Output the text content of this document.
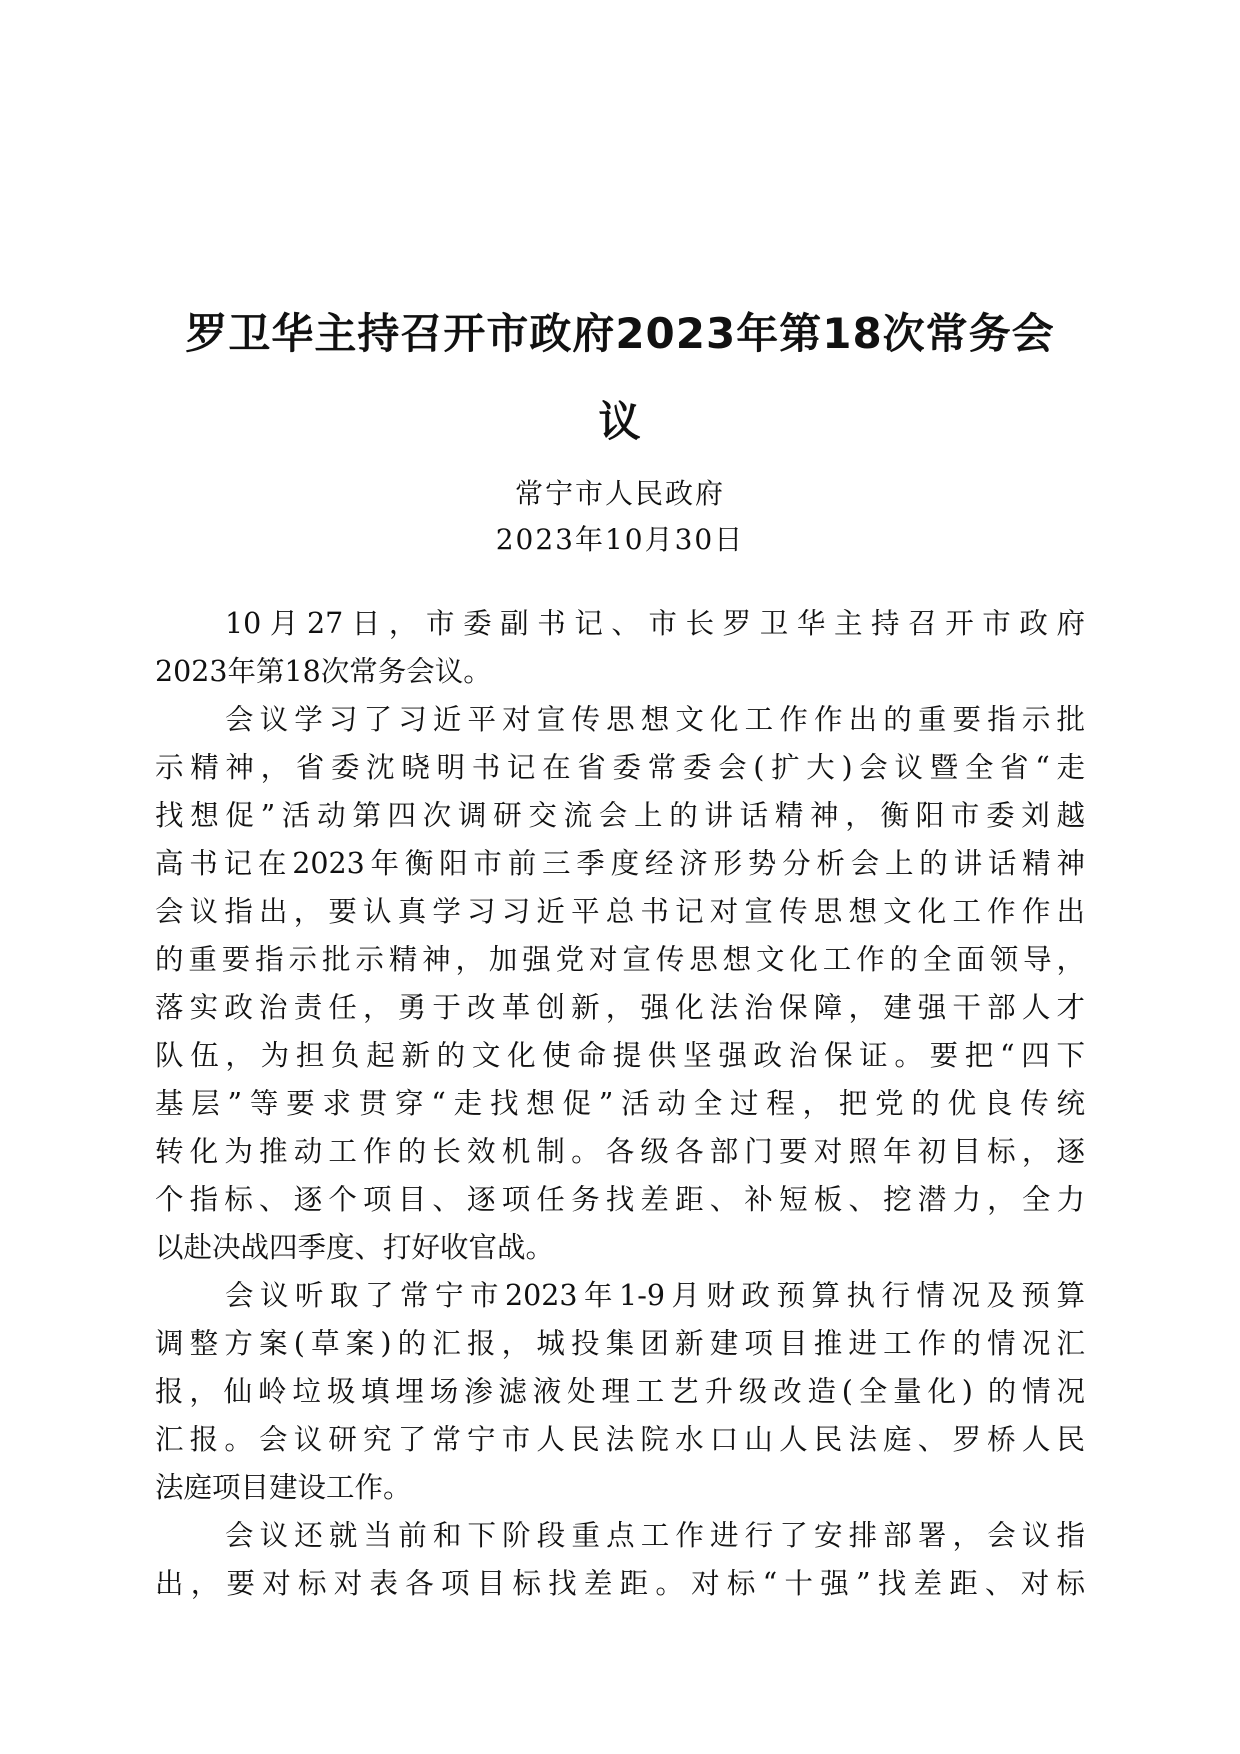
罗卫华主持召开市政府2023年第18次常务会
议
常宁市人民政府
2023年10月30日
10月27日，市委副书记、市长罗卫华主持召开市政府
2023年第18次常务会议。
会议学习了习近平对宣传思想文化工作作出的重要指示批
示精神，省委沈晓明书记在省委常委会(扩大)会议暨全省“走
找想促”活动第四次调研交流会上的讲话精神，衡阳市委刘越
高书记在2023年衡阳市前三季度经济形势分析会上的讲话精神
会议指出，要认真学习习近平总书记对宣传思想文化工作作出
的重要指示批示精神，加强党对宣传思想文化工作的全面领导，
落实政治责任，勇于改革创新，强化法治保障，建强干部人才
队伍，为担负起新的文化使命提供坚强政治保证。要把“四下
基层”等要求贯穿“走找想促”活动全过程，把党的优良传统
转化为推动工作的长效机制。各级各部门要对照年初目标，逐
个指标、逐个项目、逐项任务找差距、补短板、挖潜力，全力
以赴决战四季度、打好收官战。
会议听取了常宁市2023年1-9月财政预算执行情况及预算
调整方案(草案)的汇报，城投集团新建项目推进工作的情况汇
报，仙岭垃圾填埋场渗滤液处理工艺升级改造(全量化) 的情况
汇报。会议研究了常宁市人民法院水口山人民法庭、罗桥人民
法庭项目建设工作。
会议还就当前和下阶段重点工作进行了安排部署，会议指
出，要对标对表各项目标找差距。对标“十强”找差距、对标
